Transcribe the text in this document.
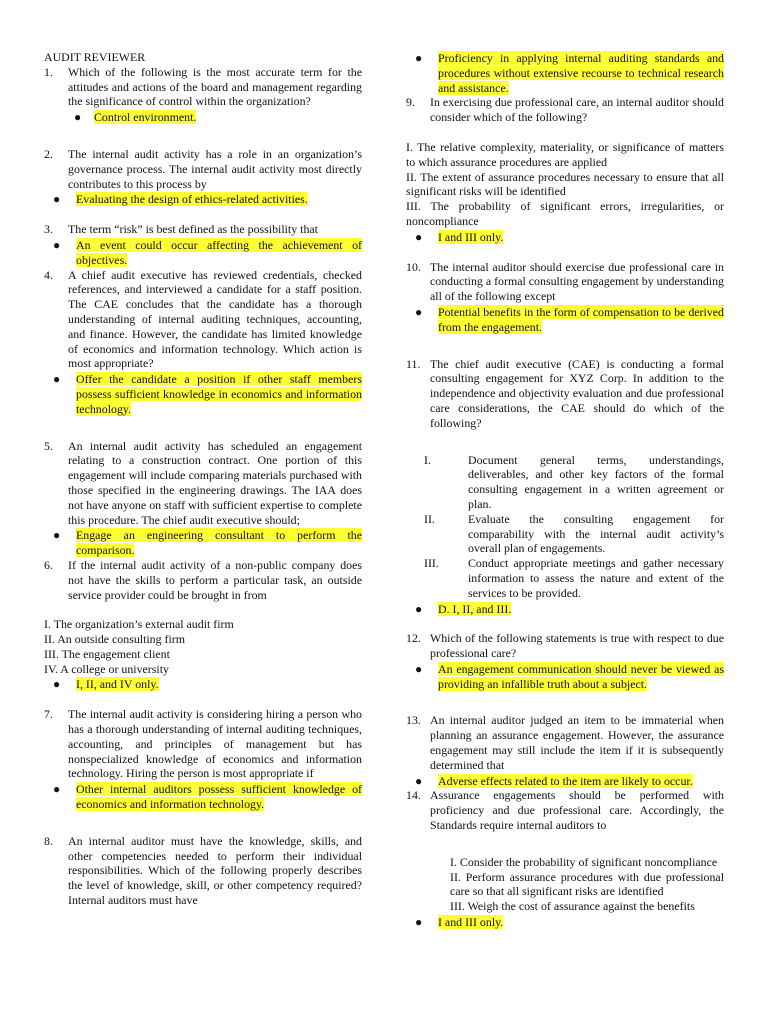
AUDIT REVIEWER
1. Which of the following is the most accurate term for the attitudes and actions of the board and management regarding the significance of control within the organization?
● Control environment.
2. The internal audit activity has a role in an organization’s governance process. The internal audit activity most directly contributes to this process by
● Evaluating the design of ethics-related activities.
3. The term “risk” is best defined as the possibility that
● An event could occur affecting the achievement of objectives.
4. A chief audit executive has reviewed credentials, checked references, and interviewed a candidate for a staff position. The CAE concludes that the candidate has a thorough understanding of internal auditing techniques, accounting, and finance. However, the candidate has limited knowledge of economics and information technology. Which action is most appropriate?
● Offer the candidate a position if other staff members possess sufficient knowledge in economics and information technology.
5. An internal audit activity has scheduled an engagement relating to a construction contract. One portion of this engagement will include comparing materials purchased with those specified in the engineering drawings. The IAA does not have anyone on staff with sufficient expertise to complete this procedure. The chief audit executive should;
● Engage an engineering consultant to perform the comparison.
6. If the internal audit activity of a non-public company does not have the skills to perform a particular task, an outside service provider could be brought in from
I. The organization’s external audit firm
II. An outside consulting firm
III. The engagement client
IV. A college or university
● I, II, and IV only.
7. The internal audit activity is considering hiring a person who has a thorough understanding of internal auditing techniques, accounting, and principles of management but has nonspecialized knowledge of economics and information technology. Hiring the person is most appropriate if
● Other internal auditors possess sufficient knowledge of economics and information technology.
8. An internal auditor must have the knowledge, skills, and other competencies needed to perform their individual responsibilities. Which of the following properly describes the level of knowledge, skill, or other competency required? Internal auditors must have
● Proficiency in applying internal auditing standards and procedures without extensive recourse to technical research and assistance.
9. In exercising due professional care, an internal auditor should consider which of the following?
I. The relative complexity, materiality, or significance of matters to which assurance procedures are applied
II. The extent of assurance procedures necessary to ensure that all significant risks will be identified
III. The probability of significant errors, irregularities, or noncompliance
● I and III only.
10. The internal auditor should exercise due professional care in conducting a formal consulting engagement by understanding all of the following except
● Potential benefits in the form of compensation to be derived from the engagement.
11. The chief audit executive (CAE) is conducting a formal consulting engagement for XYZ Corp. In addition to the independence and objectivity evaluation and due professional care considerations, the CAE should do which of the following?
I.	Document general terms, understandings, deliverables, and other key factors of the formal consulting engagement in a written agreement or plan.
II.	Evaluate the consulting engagement for comparability with the internal audit activity’s overall plan of engagements.
III. Conduct appropriate meetings and gather necessary information to assess the nature and extent of the services to be provided.
● D. I, II, and III.
12. Which of the following statements is true with respect to due professional care?
● An engagement communication should never be viewed as providing an infallible truth about a subject.
13. An internal auditor judged an item to be immaterial when planning an assurance engagement. However, the assurance engagement may still include the item if it is subsequently determined that
● Adverse effects related to the item are likely to occur.
14. Assurance engagements should be performed with proficiency and due professional care. Accordingly, the Standards require internal auditors to
I. Consider the probability of significant noncompliance
II. Perform assurance procedures with due professional care so that all significant risks are identified
III. Weigh the cost of assurance against the benefits
● I and III only.
